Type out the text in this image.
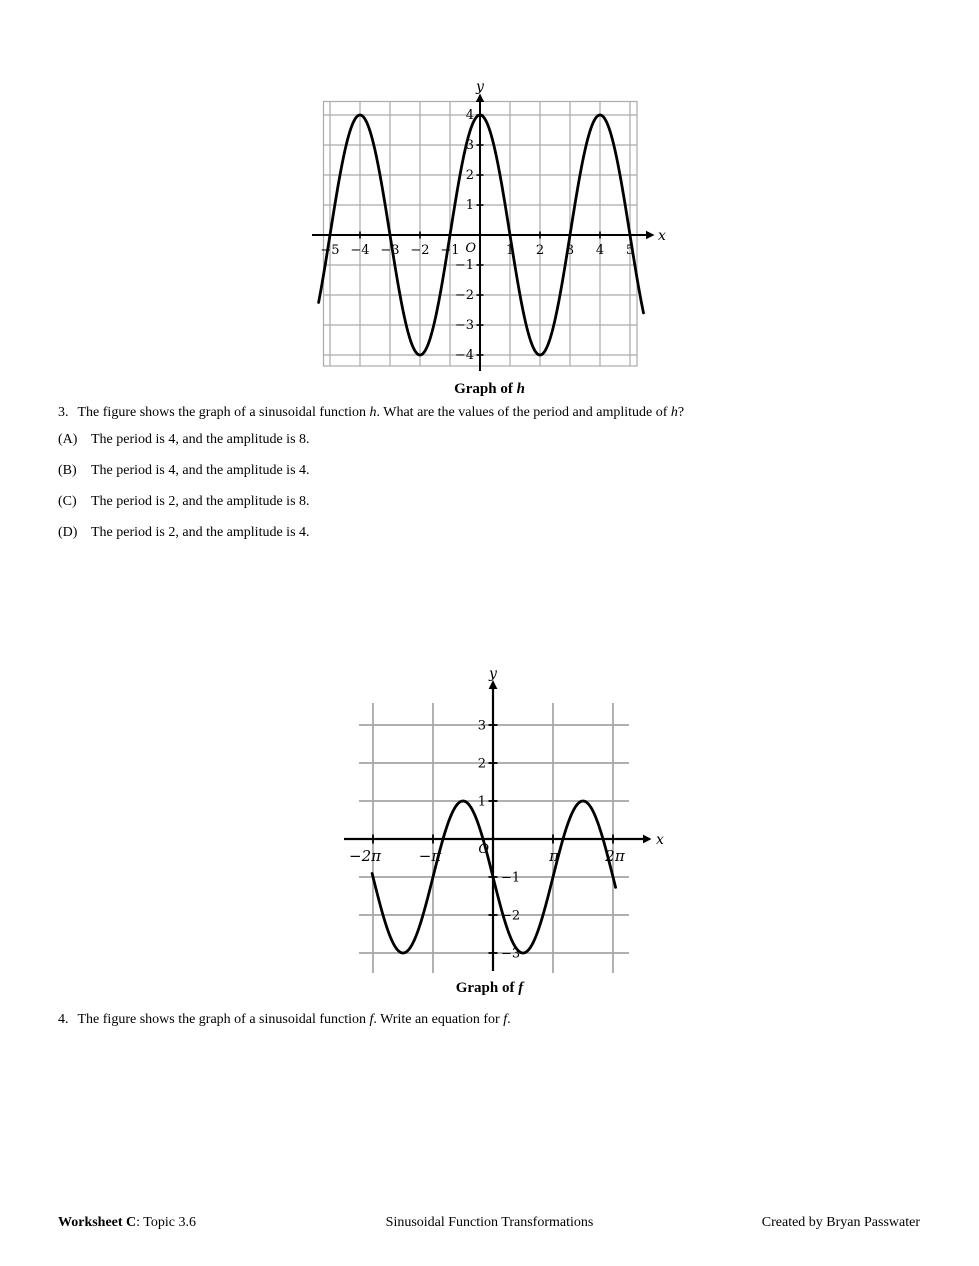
−5 −4 −3 −2 −1	1 2 3 4 5
4
3
2
1
−1
−2
−3
−4
O
x
y
Graph of h
3. The figure shows the graph of a sinusoidal function h. What are the values of the period and amplitude of h?
(A) The period is 4, and the amplitude is 8.
(B) The period is 4, and the amplitude is 4.
(C) The period is 2, and the amplitude is 8.
(D) The period is 2, and the amplitude is 4.
−2π	−π	π	2π
3
2
1
−1
−2
−3
O
x
y
Graph of f
4. The figure shows the graph of a sinusoidal function f. Write an equation for f.
Worksheet C: Topic 3.6	Sinusoidal Function Transformations	Created by Bryan Passwater
